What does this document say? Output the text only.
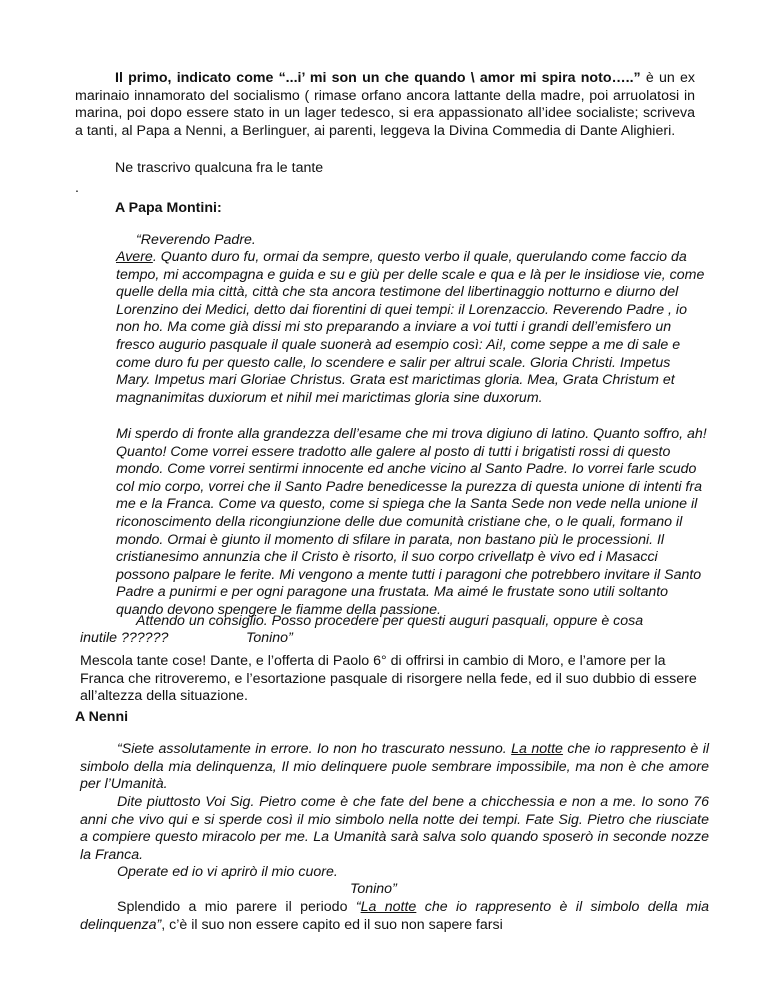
Il primo, indicato come “...i’ mi son un che quando \ amor mi spira noto…..” è un ex marinaio innamorato del socialismo ( rimase orfano ancora lattante della madre, poi arruolatosi in marina, poi dopo essere stato in un lager tedesco, si era appassionato all’idee socialiste; scriveva a tanti, al Papa a Nenni, a Berlinguer, ai parenti, leggeva la Divina Commedia di Dante Alighieri.

Ne trascrivo qualcuna fra le tante

.

A Papa Montini:

“Reverendo Padre.

Avere. Quanto duro fu, ormai da sempre, questo verbo il quale, querulando come faccio da tempo, mi accompagna e guida e su e giù per delle scale e qua e là per le insidiose vie, come quelle della mia città, città che sta ancora testimone del libertinaggio notturno e diurno del Lorenzino dei Medici, detto dai fiorentini di quei tempi: il Lorenzaccio. Reverendo Padre , io non ho. Ma come già dissi mi sto preparando a inviare a voi tutti i grandi dell’emisfero un fresco augurio pasquale il quale suonerà ad esempio così: Ai!, come seppe a me di sale e come duro fu per questo calle, lo scendere e salir per altrui scale. Gloria Christi. Impetus Mary. Impetus mari Gloriae Christus. Grata est marictimas gloria. Mea, Grata Christum et magnanimitas duxiorum et nihil mei marictimas gloria sine duxorum.

Mi sperdo di fronte alla grandezza dell’esame che mi trova digiuno di latino. Quanto soffro, ah! Quanto! Come vorrei essere tradotto alle galere al posto di tutti i brigatisti rossi di questo mondo. Come vorrei sentirmi innocente ed anche vicino al Santo Padre. Io vorrei farle scudo col mio corpo, vorrei che il Santo Padre benedicesse la purezza di questa unione di intenti fra me e la Franca. Come va questo, come si spiega che la Santa Sede non vede nella unione il riconoscimento della ricongiunzione delle due comunità cristiane che, o le quali, formano il mondo. Ormai è giunto il momento di sfilare in parata, non bastano più le processioni. Il cristianesimo annunzia che il Cristo è risorto, il suo corpo crivellatp è vivo ed i Masacci possono palpare le ferite. Mi vengono a mente tutti i paragoni che potrebbero invitare il Santo Padre a punirmi e per ogni paragone una frustata. Ma aimé le frustate sono utili soltanto quando devono spengere le fiamme della passione.

Attendo un consiglio. Posso procedere per questi auguri pasquali, oppure è cosa

inutile ??????	Tonino”

Mescola tante cose! Dante, e l’offerta di Paolo 6° di offrirsi in cambio di Moro, e l’amore per la Franca che ritroveremo, e l’esortazione pasquale di risorgere nella fede, ed il suo dubbio di essere all’altezza della situazione.

A Nenni

“Siete assolutamente in errore. Io non ho trascurato nessuno. La notte che io rappresento è il simbolo della mia delinquenza, Il mio delinquere puole sembrare impossibile, ma non è che amore per l’Umanità.

Dite piuttosto Voi Sig. Pietro come è che fate del bene a chicchessia e non a me. Io sono 76 anni che vivo qui e si sperde così il mio simbolo nella notte dei tempi. Fate Sig. Pietro che riusciate a compiere questo miracolo per me. La Umanità sarà salva solo quando sposerò in seconde nozze la Franca.

Operate ed io vi aprirò il mio cuore.

Tonino”

Splendido a mio parere il periodo “La notte che io rappresento è il simbolo della mia delinquenza”, c’è il suo non essere capito ed il suo non sapere farsi
